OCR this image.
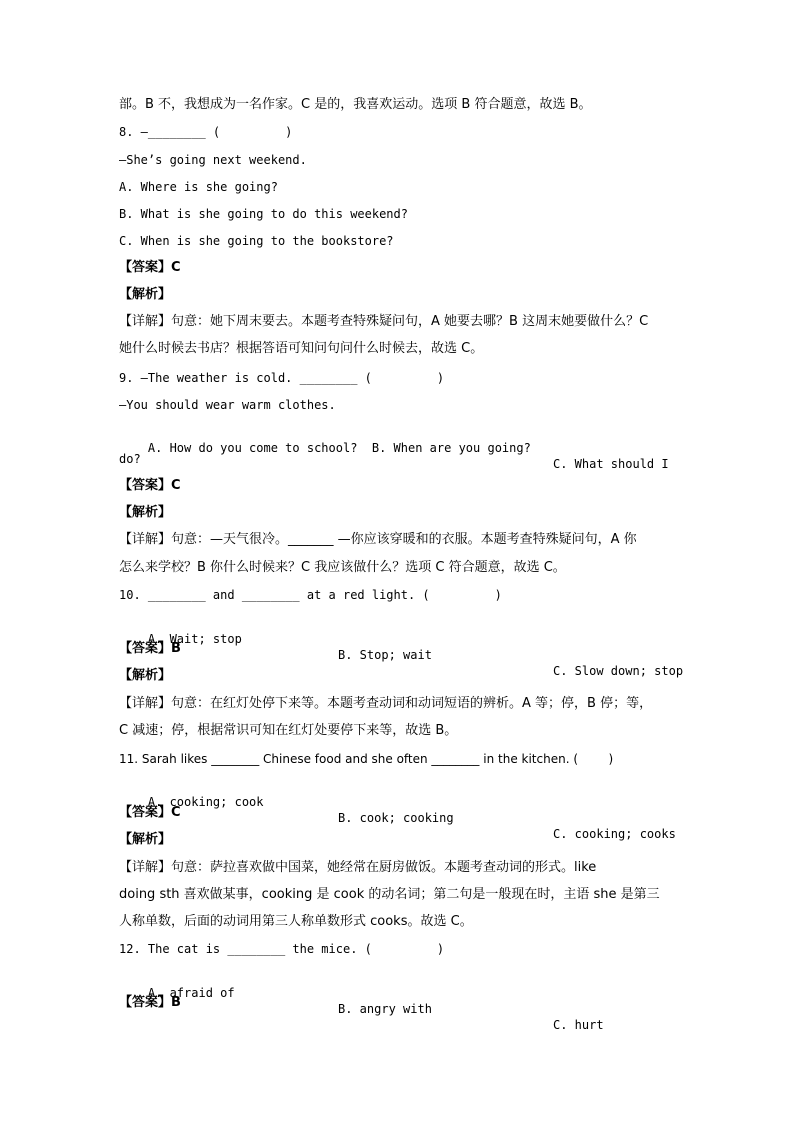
部。B 不，我想成为一名作家。C 是的，我喜欢运动。选项 B 符合题意，故选 B。
8. —________ (         )
—She’s going next weekend.
A. Where is she going?
B. What is she going to do this weekend?
C. When is she going to the bookstore?
【答案】C
【解析】
【详解】句意：她下周末要去。本题考查特殊疑问句，A 她要去哪？B 这周末她要做什么？C
她什么时候去书店？根据答语可知问句问什么时候去，故选 C。
9. —The weather is cold. ________ (         )
—You should wear warm clothes.

A. How do you come to school?  B. When are you going?

C. What should I

do?
【答案】C
【解析】
【详解】句意：—天气很冷。_______ —你应该穿暖和的衣服。本题考查特殊疑问句，A 你
怎么来学校？B 你什么时候来？C 我应该做什么？选项 C 符合题意，故选 C。
10. ________ and ________ at a red light. (         )

A. Wait; stop

B. Stop; wait

C. Slow down; stop

【答案】B
【解析】
【详解】句意：在红灯处停下来等。本题考查动词和动词短语的辨析。A 等；停，B 停；等，
C 减速；停，根据常识可知在红灯处要停下来等，故选 B。
11. Sarah likes ________ Chinese food and she often ________ in the kitchen. (        )

A. cooking; cook

B. cook; cooking

C. cooking; cooks

【答案】C
【解析】
【详解】句意：萨拉喜欢做中国菜，她经常在厨房做饭。本题考查动词的形式。like
doing sth 喜欢做某事，cooking 是 cook 的动名词；第二句是一般现在时，主语 she 是第三
人称单数，后面的动词用第三人称单数形式 cooks。故选 C。
12. The cat is ________ the mice. (         )

A. afraid of

B. angry with

C. hurt

【答案】B
